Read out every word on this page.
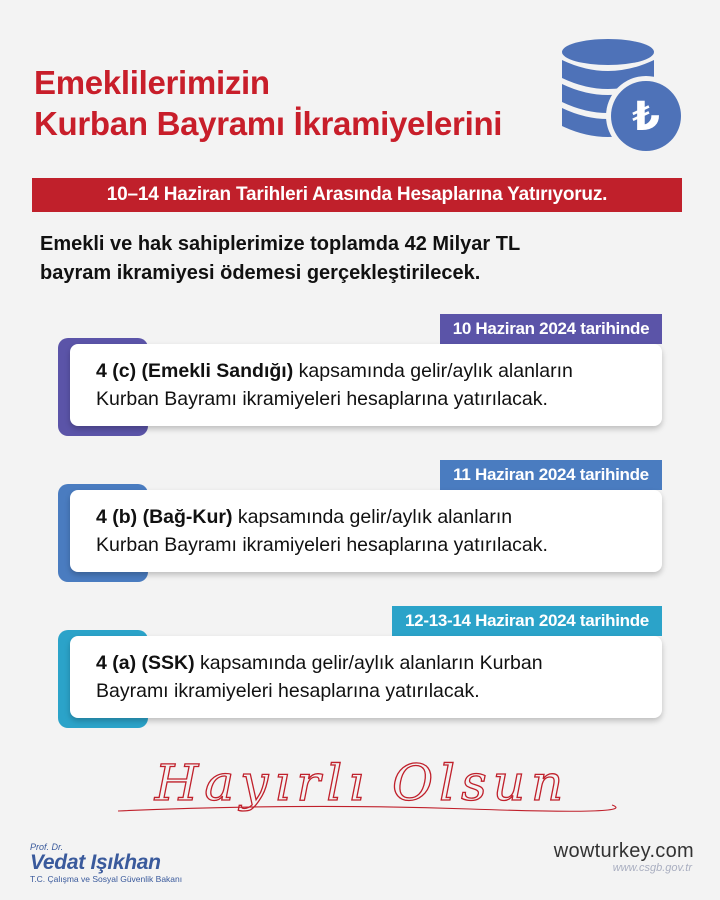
Emeklilerimizin
Kurban Bayramı İkramiyelerini	₺
10–14 Haziran Tarihleri Arasında Hesaplarına Yatırıyoruz.
Emekli ve hak sahiplerimize toplamda 42 Milyar TL
bayram ikramiyesi ödemesi gerçekleştirilecek.
10 Haziran 2024 tarihinde
4 (c) (Emekli Sandığı) kapsamında gelir/aylık alanların
Kurban Bayramı ikramiyeleri hesaplarına yatırılacak.
11 Haziran 2024 tarihinde
4 (b) (Bağ-Kur) kapsamında gelir/aylık alanların
Kurban Bayramı ikramiyeleri hesaplarına yatırılacak.
12-13-14 Haziran 2024 tarihinde
4 (a) (SSK) kapsamında gelir/aylık alanların Kurban
Bayramı ikramiyeleri hesaplarına yatırılacak.
Hayırlı Olsun
Prof. Dr.
Vedat Işıkhan
T.C. Çalışma ve Sosyal Güvenlik Bakanı
wowturkey.com
www.csgb.gov.tr
